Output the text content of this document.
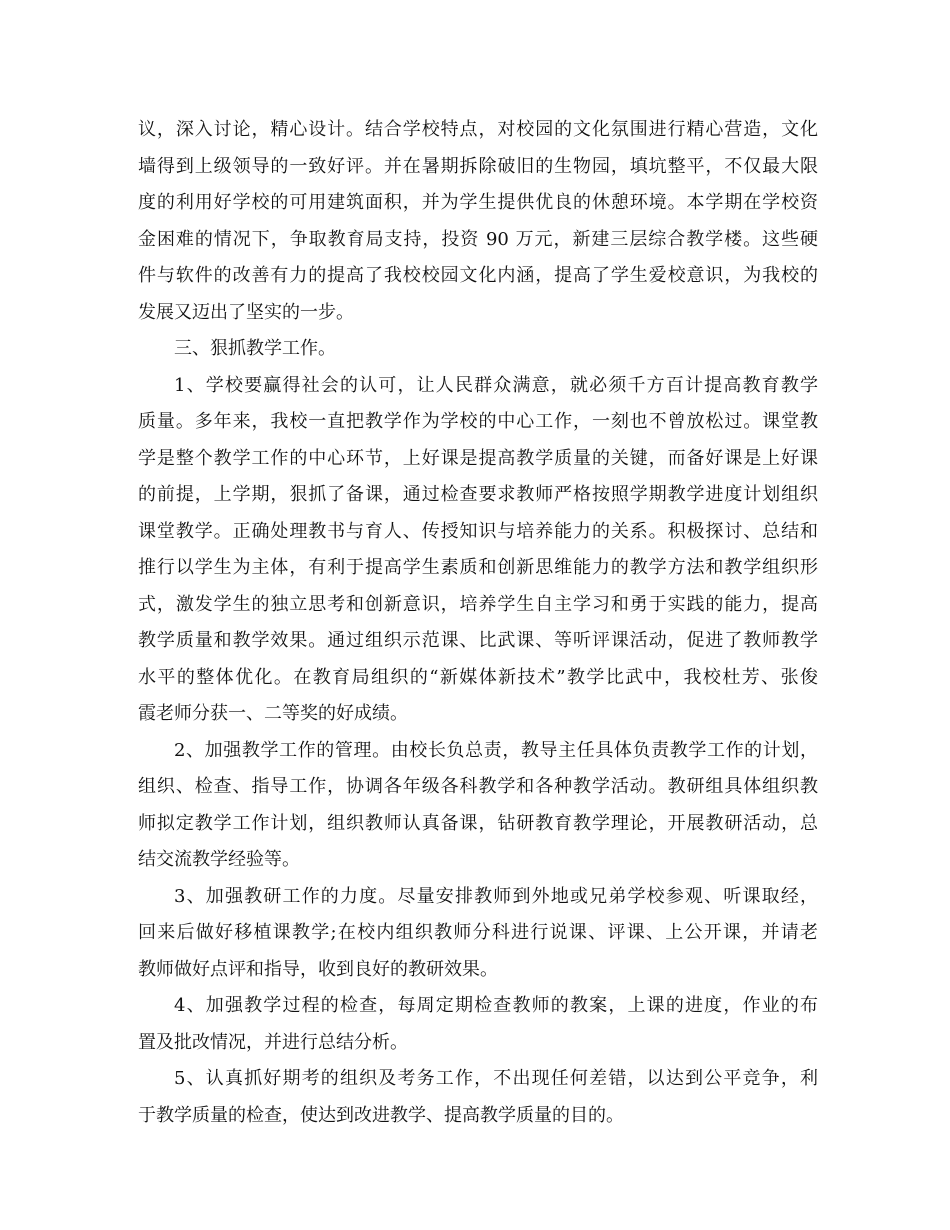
议，深入讨论，精心设计。结合学校特点，对校园的文化氛围进行精心营造，文化
墙得到上级领导的一致好评。并在暑期拆除破旧的生物园，填坑整平，不仅最大限
度的利用好学校的可用建筑面积，并为学生提供优良的休憩环境。本学期在学校资
金困难的情况下，争取教育局支持，投资 90 万元，新建三层综合教学楼。这些硬
件与软件的改善有力的提高了我校校园文化内涵，提高了学生爱校意识，为我校的
发展又迈出了坚实的一步。
三、狠抓教学工作。
1、学校要赢得社会的认可，让人民群众满意，就必须千方百计提高教育教学
质量。多年来，我校一直把教学作为学校的中心工作，一刻也不曾放松过。课堂教
学是整个教学工作的中心环节，上好课是提高教学质量的关键，而备好课是上好课
的前提，上学期，狠抓了备课，通过检查要求教师严格按照学期教学进度计划组织
课堂教学。正确处理教书与育人、传授知识与培养能力的关系。积极探讨、总结和
推行以学生为主体，有利于提高学生素质和创新思维能力的教学方法和教学组织形
式，激发学生的独立思考和创新意识，培养学生自主学习和勇于实践的能力，提高
教学质量和教学效果。通过组织示范课、比武课、等听评课活动，促进了教师教学
水平的整体优化。在教育局组织的“新媒体新技术”教学比武中，我校杜芳、张俊
霞老师分获一、二等奖的好成绩。
2、加强教学工作的管理。由校长负总责，教导主任具体负责教学工作的计划，
组织、检查、指导工作，协调各年级各科教学和各种教学活动。教研组具体组织教
师拟定教学工作计划，组织教师认真备课，钻研教育教学理论，开展教研活动，总
结交流教学经验等。
3、加强教研工作的力度。尽量安排教师到外地或兄弟学校参观、听课取经，
回来后做好移植课教学;在校内组织教师分科进行说课、评课、上公开课，并请老
教师做好点评和指导，收到良好的教研效果。
4、加强教学过程的检查，每周定期检查教师的教案，上课的进度，作业的布
置及批改情况，并进行总结分析。
5、认真抓好期考的组织及考务工作，不出现任何差错，以达到公平竞争，利
于教学质量的检查，使达到改进教学、提高教学质量的目的。
